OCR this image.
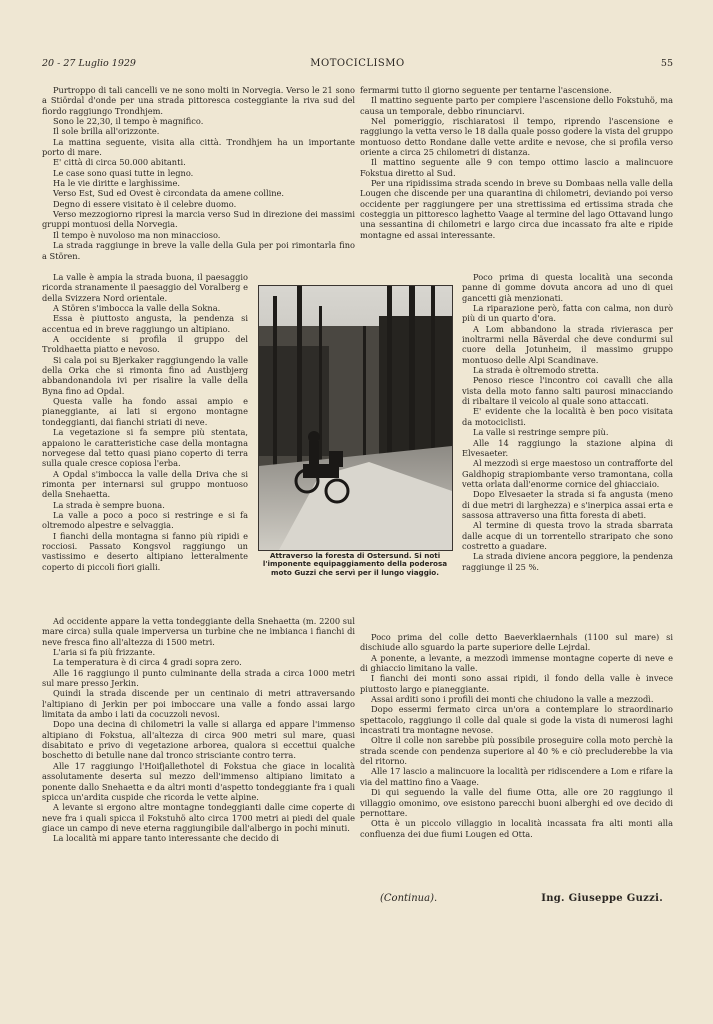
20 - 27 Luglio 1929	MOTOCICLISMO	55

Purtroppo di tali cancelli ve ne sono molti in Norvegia. Verso le 21 sono a Stiördal d'onde per una strada pittoresca costeggiante la riva sud del fiordo raggiungo Trondhjem.

Sono le 22,30, il tempo è magnifico.

Il sole brilla all'orizzonte.

La mattina seguente, visita alla città. Trondhjem ha un importante porto di mare.

E' città di circa 50.000 abitanti.

Le case sono quasi tutte in legno.

Ha le vie diritte e larghissime.

Verso Est, Sud ed Ovest è circondata da amene colline.

Degno di essere visitato è il celebre duomo.

Verso mezzogiorno ripresi la marcia verso Sud in direzione dei massimi gruppi montuosi della Norvegia.

Il tempo è nuvoloso ma non minaccioso.

La strada raggiunge in breve la valle della Gula per poi rimontarla fino a Stören.

La valle è ampia la strada buona, il paesaggio ricorda stranamente il paesaggio del Voralberg e della Svizzera Nord orientale.

A Stören s'imbocca la valle della Sokna.

Essa è piuttosto angusta, la pendenza si accentua ed in breve raggiungo un altipiano.

A occidente si profila il gruppo del Troldhaetta piatto e nevoso.

Si cala poi su Bjerkaker raggiungendo la valle della Orka che si rimonta fino ad Austbjerg abbandonandola ivi per risalire la valle della Byna fino ad Opdal.

Questa valle ha fondo assai ampio e pianeggiante, ai lati si ergono montagne tondeggianti, dai fianchi striati di neve.

La vegetazione si fa sempre più stentata, appaiono le caratteristiche case della montagna norvegese dal tetto quasi piano coperto di terra sulla quale cresce copiosa l'erba.

A Opdal s'imbocca la valle della Driva che si rimonta per internarsi sul gruppo montuoso della Snehaetta.

La strada è sempre buona.

La valle a poco a poco si restringe e si fa oltremodo alpestre e selvaggia.

I fianchi della montagna si fanno più ripidi e rocciosi. Passato Kongsvol raggiungo un vastissimo e deserto altipiano letteralmente coperto di piccoli fiori gialli.

Ad occidente appare la vetta tondeggiante della Snehaetta (m. 2200 sul mare circa) sulla quale imperversa un turbine che ne imbianca i fianchi di neve fresca fino all'altezza di 1500 metri.

L'aria si fa più frizzante.

La temperatura è di circa 4 gradi sopra zero.

Alle 16 raggiungo il punto culminante della strada a circa 1000 metri sul mare presso Jerkin.

Quindi la strada discende per un centinaio di metri attraversando l'altipiano di Jerkin per poi imboccare una valle a fondo assai largo limitata da ambo i lati da cocuzzoli nevosi.

Dopo una decina di chilometri la valle si allarga ed appare l'immenso altipiano di Fokstua, all'altezza di circa 900 metri sul mare, quasi disabitato e privo di vegetazione arborea, qualora si eccettui qualche boschetto di betulle nane dal tronco strisciante contro terra.

Alle 17 raggiungo l'Hoifjallethotel di Fokstua che giace in località assolutamente deserta sul mezzo dell'immenso altipiano limitato a ponente dallo Snehaetta e da altri monti d'aspetto tondeggiante fra i quali spicca un'ardita cuspide che ricorda le vette alpine.

A levante si ergono altre montagne tondeggianti dalle cime coperte di neve fra i quali spicca il Fokstuhö alto circa 1700 metri ai piedi del quale giace un campo di neve eterna raggiungibile dall'albergo in pochi minuti.

La località mi appare tanto interessante che decido di

fermarmi tutto il giorno seguente per tentarne l'ascensione.

Il mattino seguente parto per compiere l'ascensione dello Fokstuhö, ma causa un temporale, debbo rinunciarvi.

Nel pomeriggio, rischiaratosi il tempo, riprendo l'ascensione e raggiungo la vetta verso le 18 dalla quale posso godere la vista del gruppo montuoso detto Rondane dalle vette ardite e nevose, che si profila verso oriente a circa 25 chilometri di distanza.

Il mattino seguente alle 9 con tempo ottimo lascio a malincuore Fokstua diretto al Sud.

Per una ripidissima strada scendo in breve su Dombaas nella valle della Lougen che discende per una quarantina di chilometri, deviando poi verso occidente per raggiungere per una strettissima ed ertissima strada che costeggia un pittoresco laghetto Vaage al termine del lago Ottavand lungo una sessantina di chilometri e largo circa due incassato fra alte e ripide montagne ed assai interessante.

Poco prima di questa località una seconda panne di gomme dovuta ancora ad uno di quei gancetti già menzionati.

La riparazione però, fatta con calma, non durò più di un quarto d'ora.

A Lom abbandono la strada rivierasca per inoltrarmi nella Bäverdal che deve condurmi sul cuore della Jotunheim, il massimo gruppo montuoso delle Alpi Scandinave.

La strada è oltremodo stretta.

Penoso riesce l'incontro coi cavalli che alla vista della moto fanno salti paurosi minacciando di ribaltare il veicolo al quale sono attaccati.

E' evidente che la località è ben poco visitata da motociclisti.

La valle si restringe sempre più.

Alle 14 raggiungo la stazione alpina di Elvesaeter.

Al mezzodì si erge maestoso un contrafforte del Galdhopig strapiombante verso tramontana, colla vetta orlata dall'enorme cornice del ghiacciaio.

Dopo Elvesaeter la strada si fa angusta (meno di due metri di larghezza) e s'inerpica assai erta e sassosa attraverso una fitta foresta di abeti.

Al termine di questa trovo la strada sbarrata dalle acque di un torrentello straripato che sono costretto a guadare.

La strada diviene ancora peggiore, la pendenza raggiunge il 25 %.

Poco prima del colle detto Baeverklaernhals (1100 sul mare) si dischiude allo sguardo la parte superiore delle Lejrdal.

A ponente, a levante, a mezzodì immense montagne coperte di neve e di ghiaccio limitano la valle.

I fianchi dei monti sono assai ripidi, il fondo della valle è invece piuttosto largo e pianeggiante.

Assai arditi sono i profili dei monti che chiudono la valle a mezzodì.

Dopo essermi fermato circa un'ora a contemplare lo straordinario spettacolo, raggiungo il colle dal quale si gode la vista di numerosi laghi incastrati tra montagne nevose.

Oltre il colle non sarebbe più possibile proseguire colla moto perchè la strada scende con pendenza superiore al 40 % e ciò precluderebbe la via del ritorno.

Alle 17 lascio a malincuore la località per ridiscendere a Lom e rifare la via del mattino fino a Vaage.

Di qui seguendo la valle del fiume Otta, alle ore 20 raggiungo il villaggio omonimo, ove esistono parecchi buoni alberghi ed ove decido di pernottare.

Otta è un piccolo villaggio in località incassata fra alti monti alla confluenza dei due fiumi Lougen ed Otta.

Attraverso la foresta di Ostersund. Si noti l'imponente equipaggiamento della poderosa moto Guzzi che servì per il lungo viaggio.
(Continua).	Ing. Giuseppe Guzzi.
